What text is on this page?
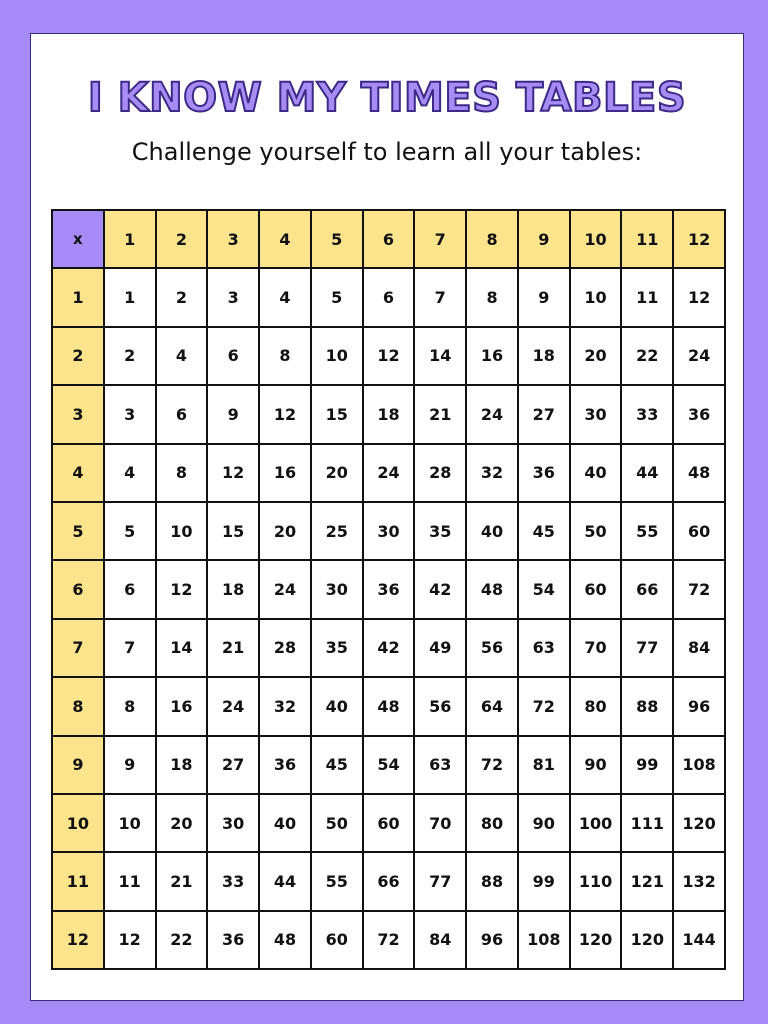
I KNOW MY TIMES TABLES
Challenge yourself to learn all your tables:
x	1	2	3	4	5	6	7	8	9	10	11	12
1	1	2	3	4	5	6	7	8	9	10	11	12
2	2	4	6	8	10	12	14	16	18	20	22	24
3	3	6	9	12	15	18	21	24	27	30	33	36
4	4	8	12	16	20	24	28	32	36	40	44	48
5	5	10	15	20	25	30	35	40	45	50	55	60
6	6	12	18	24	30	36	42	48	54	60	66	72
7	7	14	21	28	35	42	49	56	63	70	77	84
8	8	16	24	32	40	48	56	64	72	80	88	96
9	9	18	27	36	45	54	63	72	81	90	99	108
10	10	20	30	40	50	60	70	80	90	100	111	120
11	11	21	33	44	55	66	77	88	99	110	121	132
12	12	22	36	48	60	72	84	96	108	120	120	144
